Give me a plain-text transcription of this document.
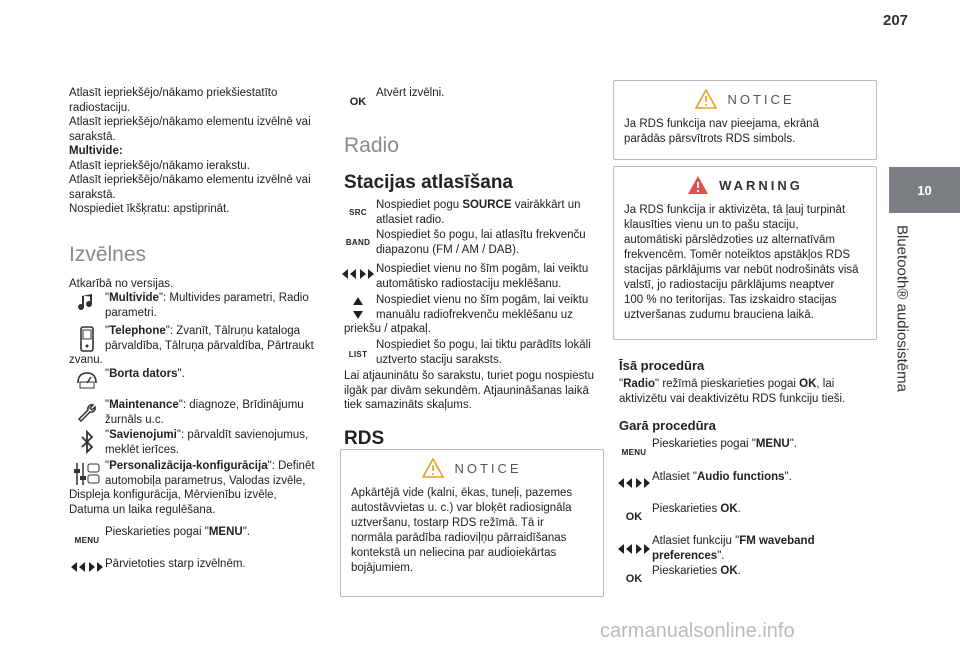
207
10
Bluetooth® audiosistēma
Atlasīt iepriekšējo/nākamo priekšiestatīto
radiostaciju.
Atlasīt iepriekšējo/nākamo elementu izvēlnē vai
sarakstā.
Multivide:
Atlasīt iepriekšējo/nākamo ierakstu.
Atlasīt iepriekšējo/nākamo elementu izvēlnē vai
sarakstā.
Nospiediet īkšķratu: apstiprināt.
Izvēlnes
Atkarībā no versijas.
"Multivide": Multivides parametri, Radio
parametri.
"Telephone": Zvanīt, Tālruņu kataloga
pārvaldība, Tālruņa pārvaldība, Pārtraukt
zvanu.
"Borta dators".
"Maintenance": diagnoze, Brīdinājumu
žurnāls u.c.
"Savienojumi": pārvaldīt savienojumus,
meklēt ierīces.
"Personalizācija-konfigurācija": Definēt
automobiļa parametrus, Valodas izvēle,
Displeja konfigurācija, Mērvienību izvēle,
Datuma un laika regulēšana.
MENU
Pieskarieties pogai "MENU".
Pārvietoties starp izvēlnēm.
OK
Atvērt izvēlni.
Radio
Stacijas atlasīšana
SRC
Nospiediet pogu SOURCE vairākkārt un
atlasiet radio.
BAND
Nospiediet šo pogu, lai atlasītu frekvenču
diapazonu (FM / AM / DAB).
Nospiediet vienu no šīm pogām, lai veiktu
automātisko radiostaciju meklēšanu.
Nospiediet vienu no šīm pogām, lai veiktu
manuālu radiofrekvenču meklēšanu uz
priekšu / atpakaļ.
LIST
Nospiediet šo pogu, lai tiktu parādīts lokāli
uztverto staciju saraksts.
Lai atjauninātu šo sarakstu, turiet pogu nospiestu
ilgāk par divām sekundēm. Atjaunināšanas laikā
tiek samazināts skaļums.
RDS
NOTICE
Apkārtējā vide (kalni, ēkas, tuneļi, pazemes
autostāvvietas u. c.) var bloķēt radiosignāla
uztveršanu, tostarp RDS režīmā. Tā ir
normāla parādība radioviļņu pārraidīšanas
kontekstā un neliecina par audioiekārtas
bojājumiem.
NOTICE
Ja RDS funkcija nav pieejama, ekrānā
parādās pārsvītrots RDS simbols.
WARNING
Ja RDS funkcija ir aktivizēta, tā ļauj turpināt
klausīties vienu un to pašu staciju,
automātiski pārslēdzoties uz alternatīvām
frekvencēm. Tomēr noteiktos apstākļos RDS
stacijas pārklājums var nebūt nodrošināts visā
valstī, jo radiostaciju pārklājums neaptver
100 % no teritorijas. Tas izskaidro stacijas
uztveršanas zudumu brauciena laikā.
Īsā procedūra
"Radio" režīmā pieskarieties pogai OK, lai
aktivizētu vai deaktivizētu RDS funkciju tieši.
Garā procedūra
MENU
Pieskarieties pogai "MENU".
Atlasiet "Audio functions".
OK
Pieskarieties OK.
Atlasiet funkciju "FM waveband
preferences".
OK
Pieskarieties OK.
carmanualsonline.info
